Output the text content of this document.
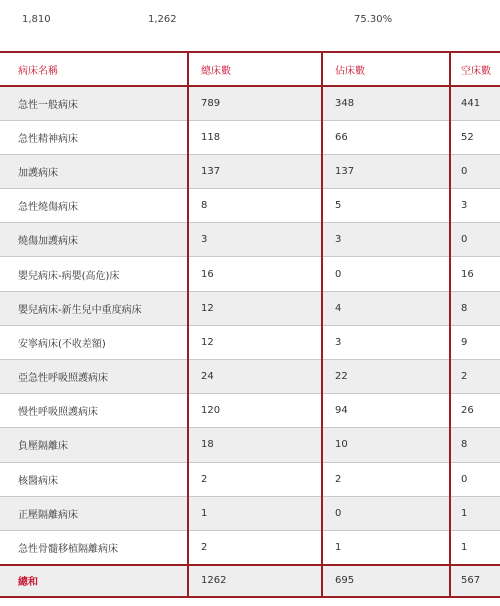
1,810	1,262	75.30%
病床名稱	總床數	佔床數	空床數
急性一般病床	789	348	441
急性精神病床	118	66	52
加護病床	137	137	0
急性燒傷病床	8	5	3
燒傷加護病床	3	3	0
嬰兒病床-病嬰(高危)床	16	0	16
嬰兒病床-新生兒中重度病床	12	4	8
安寧病床(不收差額)	12	3	9
亞急性呼吸照護病床	24	22	2
慢性呼吸照護病床	120	94	26
負壓隔離床	18	10	8
核醫病床	2	2	0
正壓隔離病床	1	0	1
急性骨髓移植隔離病床	2	1	1
總和	1262	695	567
